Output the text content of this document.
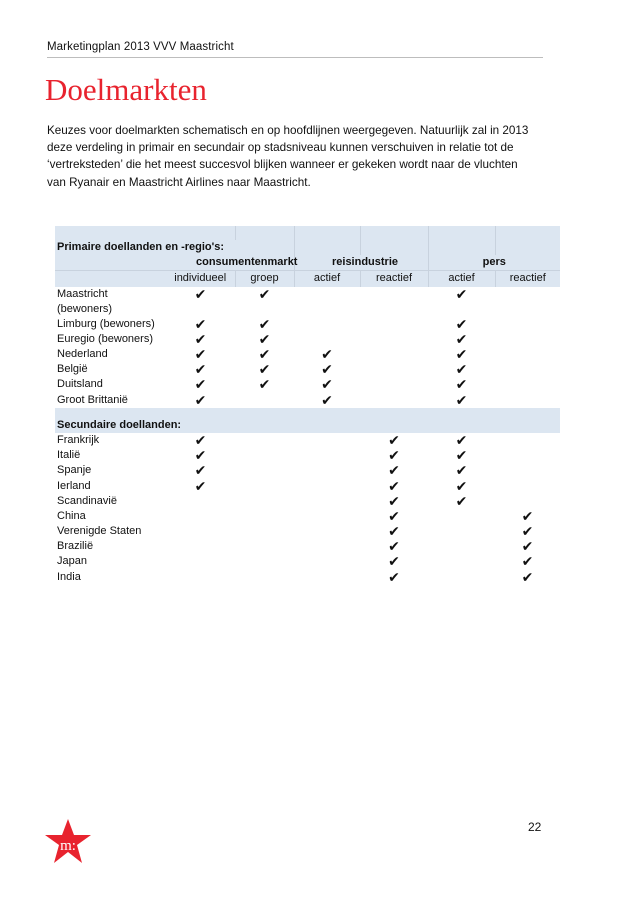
Marketingplan 2013 VVV Maastricht
Doelmarkten
Keuzes voor doelmarkten schematisch en op hoofdlijnen weergegeven. Natuurlijk zal in 2013
deze verdeling in primair en secundair op stadsniveau kunnen verschuiven in relatie tot de
‘vertreksteden’ die het meest succesvol blijken wanneer er gekeken wordt naar de vluchten
van Ryanair en Maastricht Airlines naar Maastricht.

Primaire doellanden en -regio's:						
	consumentenmarkt		reisindustrie		pers	
	individueel	groep	actief	reactief	actief	reactief

Maastricht
(bewoners)	✔	✔			✔	

Limburg (bewoners)	✔	✔			✔	

Euregio (bewoners)	✔	✔			✔	

Nederland	✔	✔	✔		✔	

België	✔	✔	✔		✔	

Duitsland	✔	✔	✔		✔	

Groot Brittanië	✔		✔		✔	

Secundaire doellanden:						

Frankrijk	✔			✔	✔	

Italië	✔			✔	✔	

Spanje	✔			✔	✔	

Ierland	✔			✔	✔	

Scandinavië				✔	✔	

China				✔		✔

Verenigde Staten				✔		✔

Brazilië				✔		✔

Japan				✔		✔

India				✔		✔
22
m:
